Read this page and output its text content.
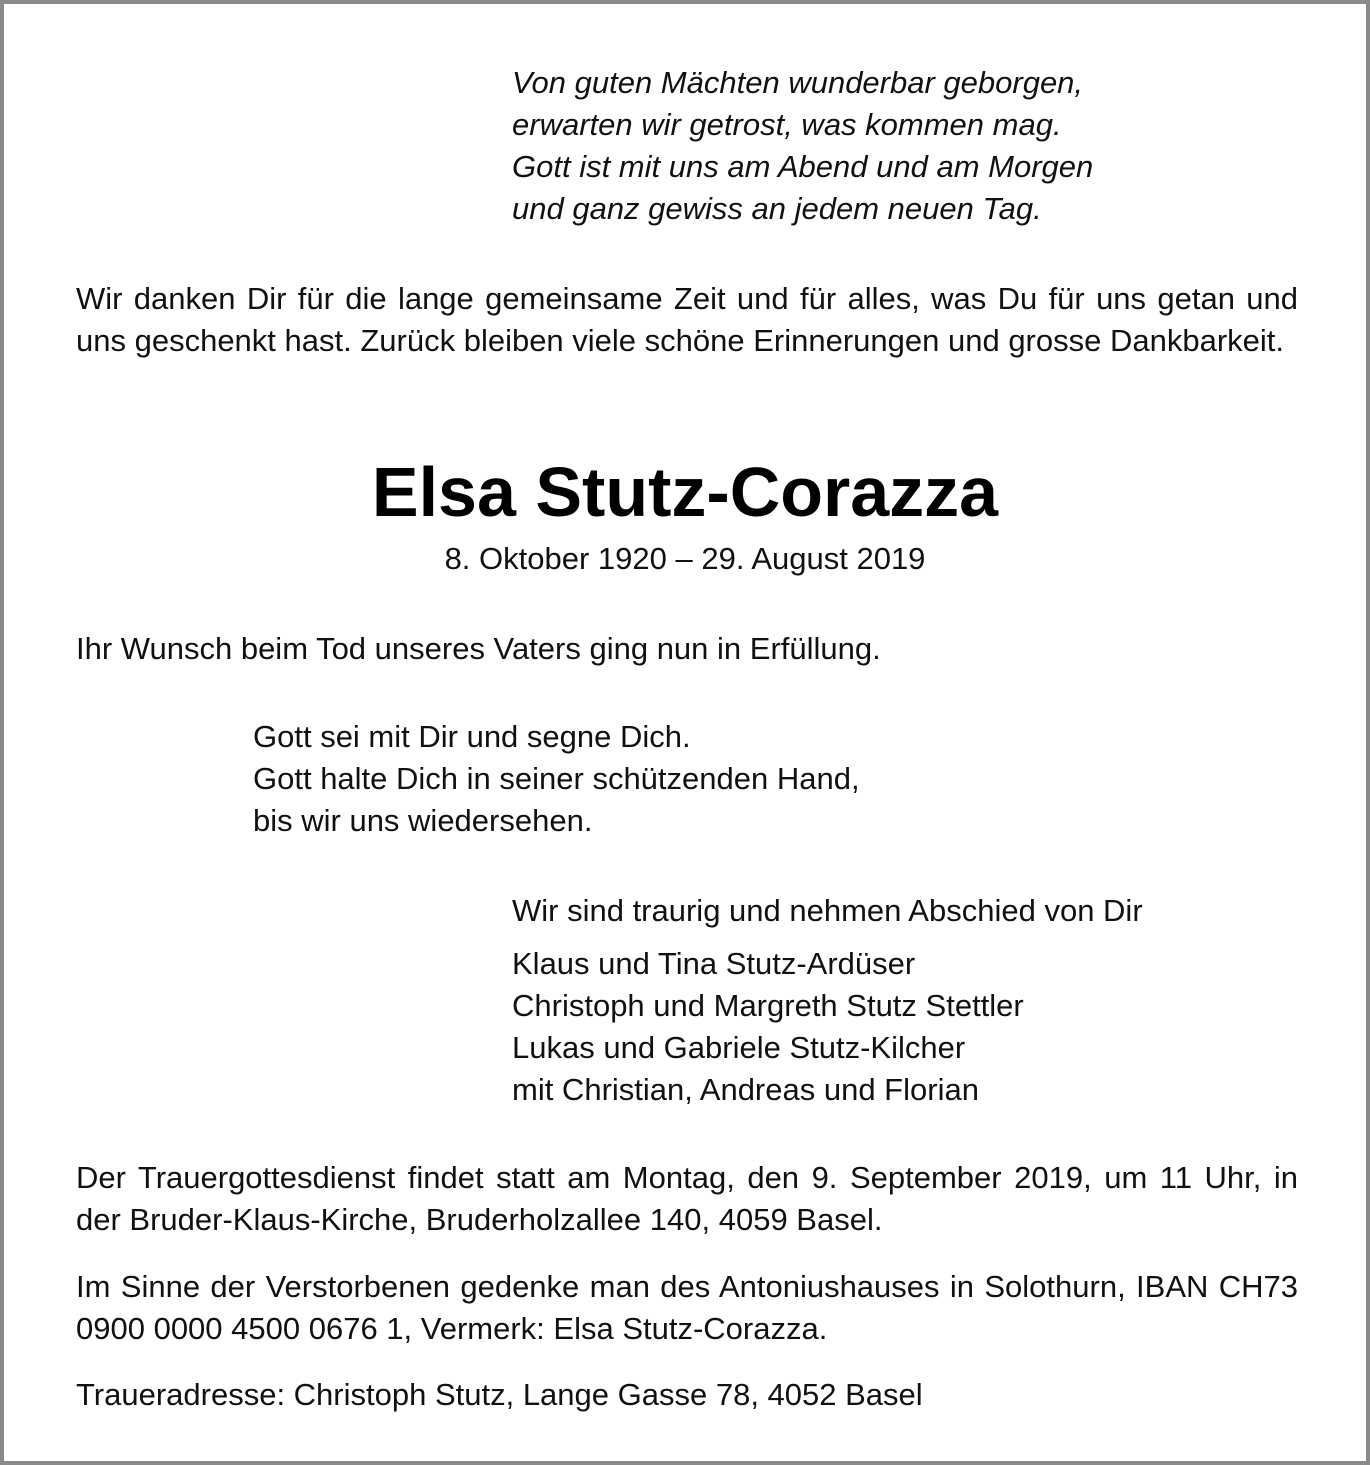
Von guten Mächten wunderbar geborgen,
erwarten wir getrost, was kommen mag.
Gott ist mit uns am Abend und am Morgen
und ganz gewiss an jedem neuen Tag.

Wir danken Dir für die lange gemeinsame Zeit und für alles, was Du für uns getan und uns geschenkt hast. Zurück bleiben viele schöne Erinnerungen und grosse Dankbarkeit.

Elsa Stutz-Corazza
8. Oktober 1920 – 29. August 2019

Ihr Wunsch beim Tod unseres Vaters ging nun in Erfüllung.

Gott sei mit Dir und segne Dich.
Gott halte Dich in seiner schützenden Hand,
bis wir uns wiedersehen.
Wir sind traurig und nehmen Abschied von Dir
Klaus und Tina Stutz-Ardüser
Christoph und Margreth Stutz Stettler
Lukas und Gabriele Stutz-Kilcher
mit Christian, Andreas und Florian

Der Trauergottesdienst findet statt am Montag, den 9. September 2019, um 11 Uhr, in der Bruder-Klaus-Kirche, Bruderholzallee 140, 4059 Basel.

Im Sinne der Verstorbenen gedenke man des Antoniushauses in Solothurn, IBAN CH73 0900 0000 4500 0676 1, Vermerk: Elsa Stutz-Corazza.

Traueradresse: Christoph Stutz, Lange Gasse 78, 4052 Basel
